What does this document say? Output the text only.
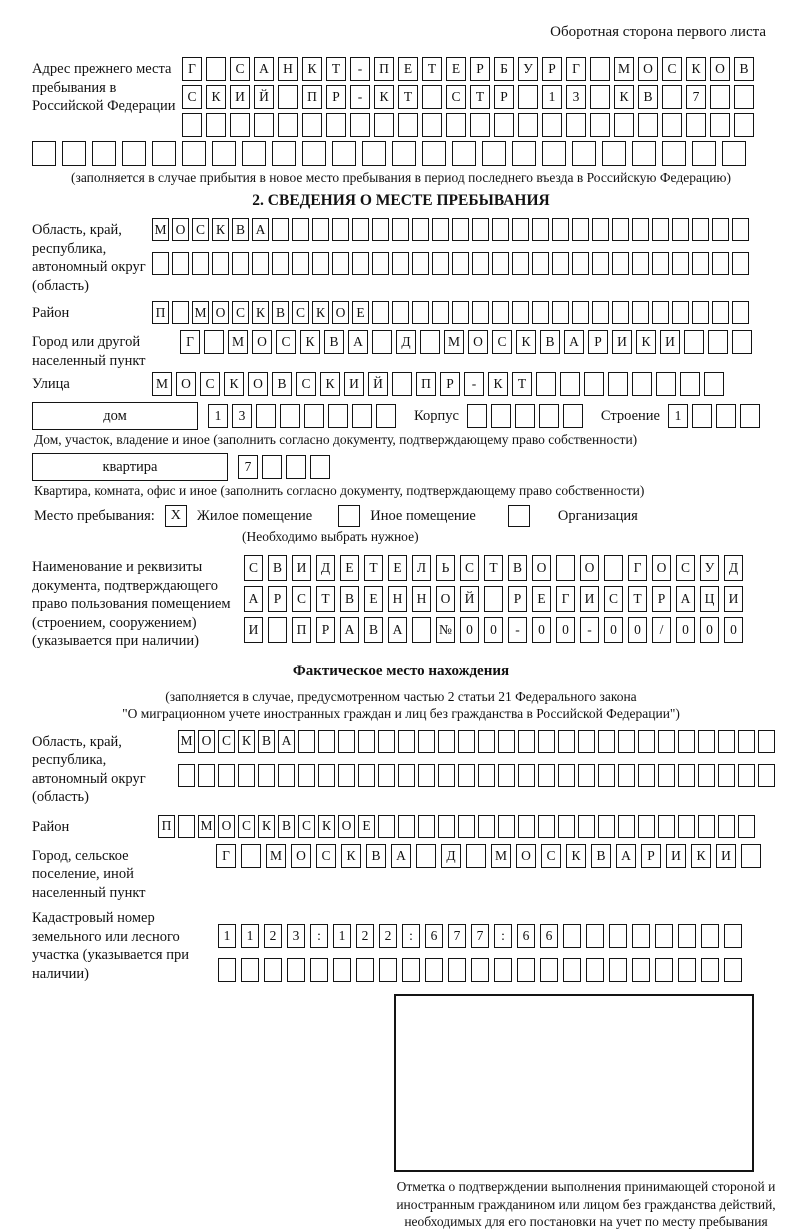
Оборотная сторона первого листа
Адрес прежнего места пребывания в Российской Федерации
Г	С	А	Н	К	Т	-	П	Е	Т	Е	Р	Б	У	Р	Г	М О	С	К	О	В
С	К	И	Й	П	Р	-	К	Т	С	Т	Р	1	3	К	В	7
(заполняется в случае прибытия в новое место пребывания в период последнего въезда в Российскую Федерацию)
2. СВЕДЕНИЯ О МЕСТЕ ПРЕБЫВАНИЯ
Область, край, республика, автономный округ (область)
М О С К В А
Район	П М О С К В С К О Е
Город или другой населенный пункт
Г	М О	С	К	В	А	Д	М О	С	К	В	А	Р	И	К	И
Улица	М О	С	К	О	В	С	К	И	Й	П	Р	-	К	Т
дом	1	3	Корпус	Строение	1
Дом, участок, владение и иное (заполнить согласно документу, подтверждающему право собственности)
квартира	7
Квартира, комната, офис и иное (заполнить согласно документу, подтверждающему право собственности)
Место пребывания:	X	Жилое помещение	Иное помещение	Организация
(Необходимо выбрать нужное)
Наименование и реквизиты документа, подтверждающего право пользования помещением (строением, сооружением) (указывается при наличии)
С	В	И	Д	Е	Т	Е	Л	Ь	С	Т	В	О	О	Г	О	С	У	Д
А	Р	С	Т	В	Е	Н	Н	О	Й	Р	Е	Г	И	С	Т	Р	А	Ц	И
И	П	Р	А	В	А	№	0	0	-	0	0	-	0	0	/	0	0	0
Фактическое место нахождения
(заполняется в случае, предусмотренном частью 2 статьи 21 Федерального закона
"О миграционном учете иностранных граждан и лиц без гражданства в Российской Федерации")
Область, край, республика, автономный округ (область)
М О С К В А
Район	П М О С К В С К О Е
Город, сельское поселение, иной населенный пункт
Г	М	О	С	К	В	А	Д	М	О	С	К	В	А	Р	И	К	И
Кадастровый номер земельного или лесного участка (указывается при наличии)
1	1	2	3	:	1	2	2	:	6	7	7	:	6	6
Отметка о подтверждении выполнения принимающей стороной и иностранным гражданином или лицом без гражданства действий, необходимых для его постановки на учет по месту пребывания
